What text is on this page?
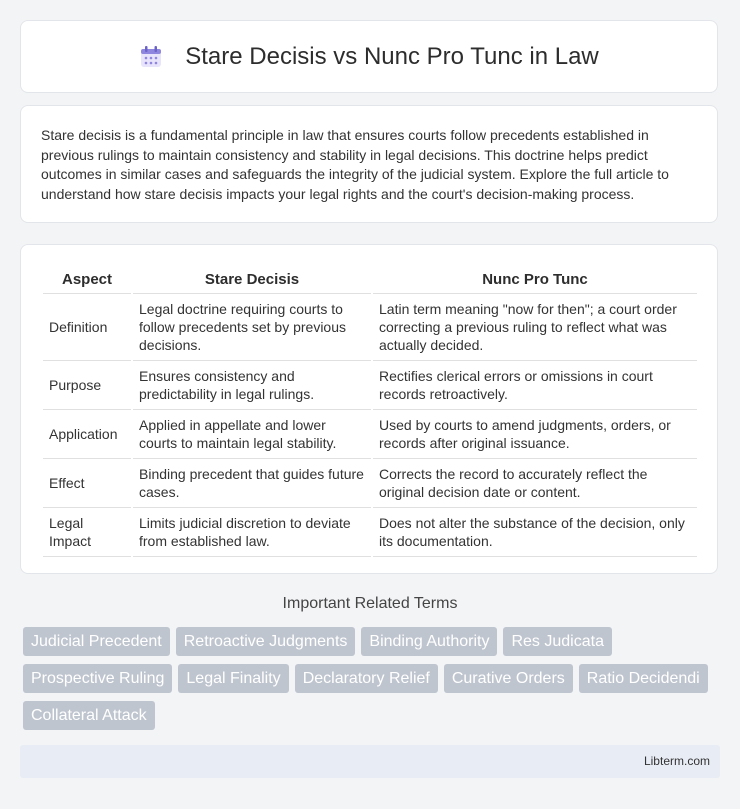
Stare Decisis vs Nunc Pro Tunc in Law

Stare decisis is a fundamental principle in law that ensures courts follow precedents established in previous rulings to maintain consistency and stability in legal decisions. This doctrine helps predict outcomes in similar cases and safeguards the integrity of the judicial system. Explore the full article to understand how stare decisis impacts your legal rights and the court's decision-making process.

Aspect	Stare Decisis	Nunc Pro Tunc
Definition	Legal doctrine requiring courts to follow precedents set by previous decisions.	Latin term meaning "now for then"; a court order correcting a previous ruling to reflect what was actually decided.
Purpose	Ensures consistency and predictability in legal rulings.	Rectifies clerical errors or omissions in court records retroactively.
Application	Applied in appellate and lower courts to maintain legal stability.	Used by courts to amend judgments, orders, or records after original issuance.
Effect	Binding precedent that guides future cases.	Corrects the record to accurately reflect the original decision date or content.
Legal Impact	Limits judicial discretion to deviate from established law.	Does not alter the substance of the decision, only its documentation.
Important Related Terms
Judicial Precedent	Retroactive Judgments	Binding Authority	Res Judicata
Prospective Ruling	Legal Finality	Declaratory Relief	Curative Orders	Ratio Decidendi
Collateral Attack
Libterm.com
